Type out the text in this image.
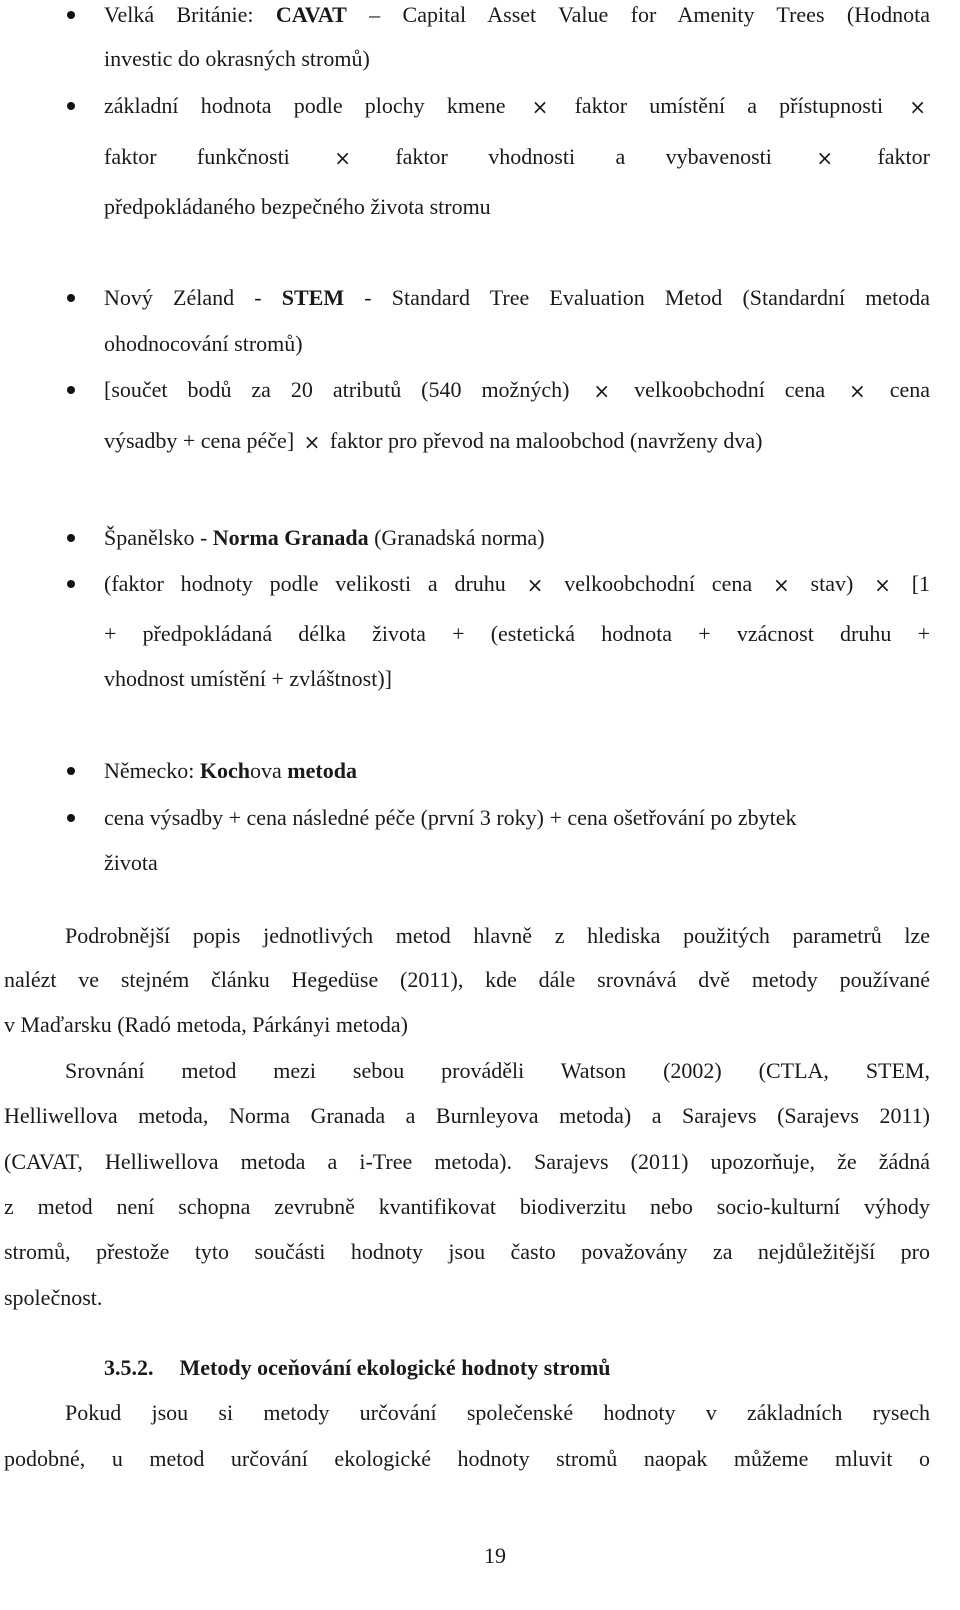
Velká Británie: CAVAT – Capital Asset Value for Amenity Trees (Hodnota
investic do okrasných stromů)
základní hodnota podle plochy kmene × faktor umístění a přístupnosti ×
faktor funkčnosti × faktor vhodnosti a vybavenosti × faktor
předpokládaného bezpečného života stromu
Nový Zéland - STEM - Standard Tree Evaluation Metod (Standardní metoda
ohodnocování stromů)
[součet bodů za 20 atributů (540 možných) × velkoobchodní cena × cena
výsadby + cena péče] × faktor pro převod na maloobchod (navrženy dva)
Španělsko - Norma Granada (Granadská norma)
(faktor hodnoty podle velikosti a druhu × velkoobchodní cena × stav) × [1
+ předpokládaná délka života + (estetická hodnota + vzácnost druhu +
vhodnost umístění + zvláštnost)]
Německo: Kochova metoda
cena výsadby + cena následné péče (první 3 roky) + cena ošetřování po zbytek
života
Podrobnější popis jednotlivých metod hlavně z hlediska použitých parametrů lze
nalézt ve stejném článku Hegedüse (2011), kde dále srovnává dvě metody používané
v Maďarsku (Radó metoda, Párkányi metoda)
Srovnání metod mezi sebou prováděli Watson (2002) (CTLA, STEM,
Helliwellova metoda, Norma Granada a Burnleyova metoda) a Sarajevs (Sarajevs 2011)
(CAVAT, Helliwellova metoda a i-Tree metoda). Sarajevs (2011) upozorňuje, že žádná
z metod není schopna zevrubně kvantifikovat biodiverzitu nebo socio-kulturní výhody
stromů, přestože tyto součásti hodnoty jsou často považovány za nejdůležitější pro
společnost.
3.5.2. Metody oceňování ekologické hodnoty stromů
Pokud jsou si metody určování společenské hodnoty v základních rysech
podobné, u metod určování ekologické hodnoty stromů naopak můžeme mluvit o
19
